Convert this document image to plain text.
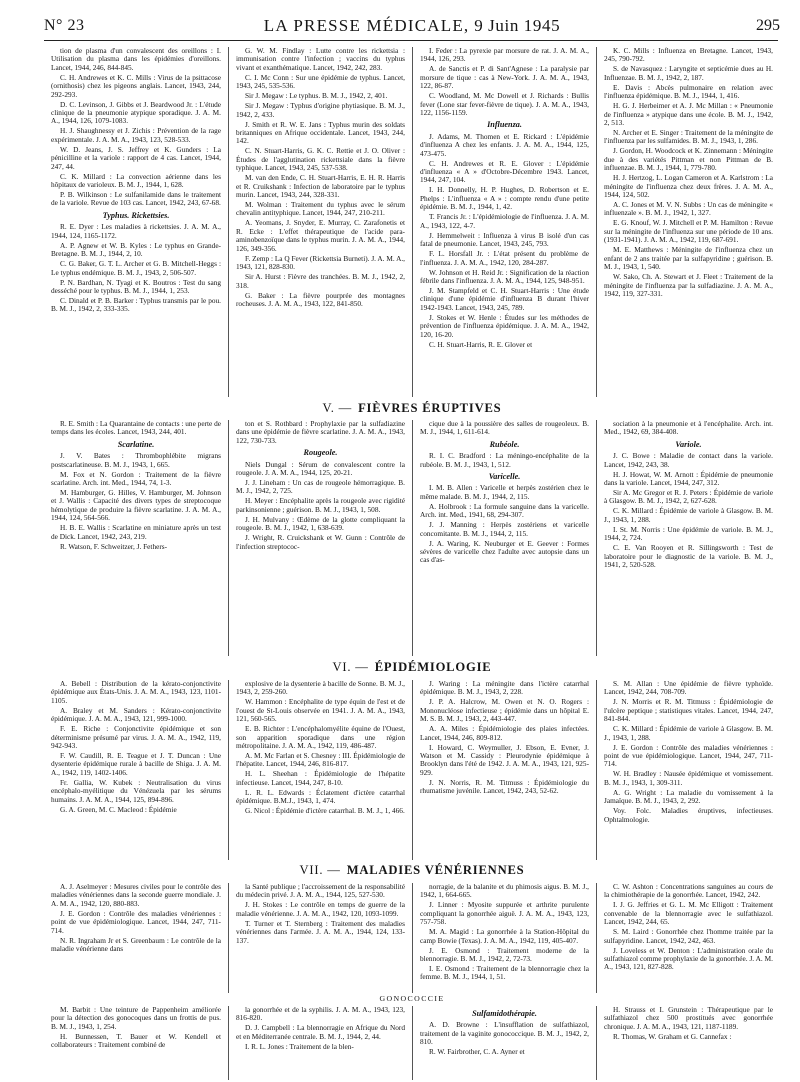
N° 23	LA PRESSE MÉDICALE, 9 Juin 1945	295
tion de plasma d'un convalescent des oreillons : I. Utilisation du plasma dans les épidémies d'oreillons. Lancet, 1944, 246, 844-845.
C. H. Andrewes et K. C. Mills : Virus de la psittacose (ornithosis) chez les pigeons anglais. Lancet, 1943, 244, 292-293.
D. C. Levinson, J. Gibbs et J. Beardwood Jr. : L'étude clinique de la pneumonie atypique sporadique. J. A. M. A., 1944, 126, 1079-1083.
H. J. Shaughnessy et J. Zichis : Prévention de la rage expérimentale. J. A. M. A., 1943, 123, 528-533.
W. D. Jeans, J. S. Jeffrey et K. Gunders : La pénicilline et la variole : rapport de 4 cas. Lancet, 1944, 247, 44.
C. K. Millard : La convection aérienne dans les hôpitaux de varioleux. B. M. J., 1944, 1, 628.
P. B. Wilkinson : Le sulfanilamide dans le traitement de la variole. Revue de 103 cas. Lancet, 1942, 243, 67-68.
Typhus. Rickettsies.
R. E. Dyer : Les maladies à rickettsies. J. A. M. A., 1944, 124, 1165-1172.
A. P. Agnew et W. B. Kyles : Le typhus en Grande-Bretagne. B. M. J., 1944, 2, 10.
C. G. Baker, G. T. L. Archer et G. B. Mitchell-Heggs : Le typhus endémique. B. M. J., 1943, 2, 506-507.
P. N. Bardhan, N. Tyagi et K. Boutros : Test du sang desséché pour le typhus. B. M. J., 1944, 1, 253.
C. Dinald et P. B. Barker : Typhus transmis par le pou. B. M. J., 1942, 2, 333-335.
G. W. M. Findlay : Lutte contre les rickettsia : immunisation contre l'infection ; vaccins du typhus vivant et exanthématique. Lancet, 1942, 242, 283.
C. I. Mc Conn : Sur une épidémie de typhus. Lancet, 1943, 245, 535-536.
Sir J. Megaw : Le typhus. B. M. J., 1942, 2, 401.
Sir J. Megaw : Typhus d'origine phytiasique. B. M. J., 1942, 2, 433.
J. Smith et R. W. E. Jans : Typhus murin des soldats britanniques en Afrique occidentale. Lancet, 1943, 244, 142.
C. N. Stuart-Harris, G. K. C. Rettie et J. O. Oliver : Études de l'agglutination rickettsiale dans la fièvre typhique. Lancet, 1943, 245, 537-538.
M. van den Ende, C. H. Stuart-Harris, E. H. R. Harris et R. Cruikshank : Infection de laboratoire par le typhus murin. Lancet, 1943, 244, 328-331.
M. Wolman : Traitement du typhus avec le sérum chevalin antityphique. Lancet, 1944, 247, 210-211.
A. Yeomans, J. Snyder, E. Murray, C. Zarafonetis et R. Ecke : L'effet thérapeutique de l'acide para-aminobenzoïque dans le typhus murin. J. A. M. A., 1944, 126, 349-356.
F. Zemp : La Q Fever (Rickettsia Burneti). J. A. M. A., 1943, 121, 828-830.
Sir A. Hurst : Fièvre des tranchées. B. M. J., 1942, 2, 318.
G. Baker : La fièvre pourprée des montagnes rocheuses. J. A. M. A., 1943, 122, 841-850.
I. Feder : La pyrexie par morsure de rat. J. A. M. A., 1944, 126, 293.
A. de Sanctis et P. di Sant'Agnese : La paralysie par morsure de tique : cas à New-York. J. A. M. A., 1943, 122, 86-87.
C. Woodland, M. Mc Dowell et J. Richards : Bullis fever (Lone star fever-fièvre de tique). J. A. M. A., 1943, 122, 1156-1159.
Influenza.
J. Adams, M. Thomen et E. Rickard : L'épidémie d'influenza A chez les enfants. J. A. M. A., 1944, 125, 473-475.
C. H. Andrewes et R. E. Glover : L'épidémie d'influenza « A » d'Octobre-Décembre 1943. Lancet, 1944, 247, 104.
I. H. Donnelly, H. P. Hughes, D. Robertson et E. Phelps : L'influenza « A » : compte rendu d'une petite épidémie. B. M. J., 1944, 1, 42.
T. Francis Jr. : L'épidémiologie de l'influenza. J. A. M. A., 1943, 122, 4-7.
J. Hemmelweit : Influenza à virus B isolé d'un cas fatal de pneumonie. Lancet, 1943, 245, 793.
F. L. Horsfall Jr. : L'état présent du problème de l'influenza. J. A. M. A., 1942, 120, 284-287.
W. Johnson et H. Reid Jr. : Signification de la réaction fébrile dans l'influenza. J. A. M. A., 1944, 125, 948-951.
J. M. Stampfeld et C. H. Stuart-Harris : Une étude clinique d'une épidémie d'influenza B durant l'hiver 1942-1943. Lancet, 1943, 245, 789.
J. Stokes et W. Henle : Études sur les méthodes de prévention de l'influenza épidémique. J. A. M. A., 1942, 120, 16-20.
C. H. Stuart-Harris, R. E. Glover et
K. C. Mills : Influenza en Bretagne. Lancet, 1943, 245, 790-792.
S. de Navasquez : Laryngite et septicémie dues au H. Influenzae. B. M. J., 1942, 2, 187.
E. Davis : Abcès pulmonaire en relation avec l'influenza épidémique. B. M. J., 1944, 1, 416.
H. G. J. Herbeimer et A. J. Mc Millan : « Pneumonie de l'influenza » atypique dans une école. B. M. J., 1942, 2, 513.
N. Archer et E. Singer : Traitement de la méningite de l'influenza par les sulfamides. B. M. J., 1943, 1, 286.
J. Gordon, H. Woodcock et K. Zinnemann : Méningite due à des variétés Pittman et non Pittman de B. influenzae. B. M. J., 1944, 1, 779-780.
H. J. Hertzog, L. Logan Cameron et A. Karlstrom : La méningite de l'influenza chez deux frères. J. A. M. A., 1944, 124, 502.
A. C. Jones et M. V. N. Subbs : Un cas de méningite « influenzale ». B. M. J., 1942, 1, 327.
E. G. Knouf, W. J. Mitchell et P. M. Hamilton : Revue sur la méningite de l'influenza sur une période de 10 ans. (1931-1941). J. A. M. A., 1942, 119, 687-691.
M. E. Matthews : Méningite de l'influenza chez un enfant de 2 ans traitée par la sulfapyridine ; guérison. B. M. J., 1943, 1, 540.
W. Sako, Ch. A. Stewart et J. Fleet : Traitement de la méningite de l'influenza par la sulfadiazine. J. A. M. A., 1942, 119, 327-331.
V. — FIÈVRES ÉRUPTIVES
R. E. Smith : La Quarantaine de contacts : une perte de temps dans les écoles. Lancet, 1943, 244, 401.
Scarlatine.
J. V. Bates : Thrombophlébite migrans postscarlatineuse. B. M. J., 1943, 1, 665.
M. Fox et N. Gordon : Traitement de la fièvre scarlatine. Arch. int. Med., 1944, 74, 1-3.
M. Hamburger, G. Hilles, V. Hamburger, M. Johnson et J. Wallis : Capacité des divers types de streptocoque hémolytique de produire la fièvre scarlatine. J. A. M. A., 1944, 124, 564-566.
H. B. E. Wallis : Scarlatine en miniature après un test de Dick. Lancet, 1942, 243, 219.
R. Watson, F. Schweitzer, J. Fethers-
ton et S. Rothbard : Prophylaxie par la sulfadiazine dans une épidémie de fièvre scarlatine. J. A. M. A., 1943, 122, 730-733.
Rougeole.
Niels Dungal : Sérum de convalescent contre la rougeole. J. A. M. A., 1944, 125, 20-21.
J. J. Lineham : Un cas de rougeole hémorragique. B. M. J., 1942, 2, 725.
H. Meyer : Encéphalite après la rougeole avec rigidité parkinsonienne ; guérison. B. M. J., 1943, 1, 508.
J. H. Mulvany : Œdème de la glotte compliquant la rougeole. B. M. J., 1942, 1, 638-639.
J. Wright, R. Cruickshank et W. Gunn : Contrôle de l'infection streptococ-
cique due à la poussière des salles de rougeoleux. B. M. J., 1944, 1, 611-614.
Rubéole.
R. I. C. Bradford : La méningo-encéphalite de la rubéole. B. M. J., 1943, 1, 512.
Varicelle.
I. M. B. Allen : Varicelle et herpès zostérien chez le même malade. B. M. J., 1944, 2, 115.
A. Holbrook : La formule sanguine dans la varicelle. Arch. int. Med., 1941, 68, 294-307.
J. J. Manning : Herpès zostériens et varicelle concomitante. B. M. J., 1944, 2, 115.
J. A. Waring, K. Neuburger et E. Geever : Formes sévères de varicelle chez l'adulte avec autopsie dans un cas d'as-
sociation à la pneumonie et à l'encéphalite. Arch. int. Med., 1942, 69, 384-408.
Variole.
J. C. Bowe : Maladie de contact dans la variole. Lancet, 1942, 243, 38.
H. J. Howat, W. M. Arnott : Épidémie de pneumonie dans la variole. Lancet, 1944, 247, 312.
Sir A. Mc Gregor et R. J. Peters : Épidémie de variole à Glasgow. B. M. J., 1942, 2, 627-628.
C. K. Millard : Épidémie de variole à Glasgow. B. M. J., 1943, 1, 288.
I. St. M. Norris : Une épidémie de variole. B. M. J., 1944, 2, 724.
C. E. Van Rooyen et R. Sillingsworth : Test de laboratoire pour le diagnostic de la variole. B. M. J., 1941, 2, 520-528.
VI. — ÉPIDÉMIOLOGIE
A. Bebell : Distribution de la kérato-conjonctivite épidémique aux États-Unis. J. A. M. A., 1943, 123, 1101-1105.
A. Braley et M. Sanders : Kérato-conjonctivite épidémique. J. A. M. A., 1943, 121, 999-1000.
F. E. Riche : Conjonctivite épidémique et son déterminisme présumé par virus. J. A. M. A., 1942, 119, 942-943.
F. W. Caudill, R. E. Teague et J. T. Duncan : Une dysenterie épidémique rurale à bacille de Shiga. J. A. M. A., 1942, 119, 1402-1406.
Fr. Gallia, W. Kubek : Neutralisation du virus encéphalo-myélitique du Vénézuela par les sérums humains. J. A. M. A., 1944, 125, 894-896.
G. A. Green, M. C. Macleod : Épidémie
explosive de la dysenterie à bacille de Sonne. B. M. J., 1943, 2, 259-260.
W. Hammon : Encéphalite de type équin de l'est et de l'ouest de St-Louis observée en 1941. J. A. M. A., 1943, 121, 560-565.
E. B. Richter : L'encéphalomyélite équine de l'Ouest, son apparition sporadique dans une région métropolitaine. J. A. M. A., 1942, 119, 486-487.
A. M. Mc Farlan et S. Chesney : III. Épidémiologie de l'hépatite. Lancet, 1944, 246, 816-817.
H. L. Sheehan : Épidémiologie de l'hépatite infectieuse. Lancet, 1944, 247, 8-10.
L. R. L. Edwards : Éclatement d'ictère catarrhal épidémique. B.M.J., 1943, 1, 474.
G. Nicol : Épidémie d'ictère catarrhal. B. M. J., 1, 466.
J. Waring : La méningite dans l'ictère catarrhal épidémique. B. M. J., 1943, 2, 228.
J. P. A. Halcrow, M. Owen et N. O. Rogers : Mononucléose infectieuse ; épidémie dans un hôpital E. M. S. B. M. J., 1943, 2, 443-447.
A. A. Miles : Épidémiologie des plaies infectées. Lancet, 1944, 246, 809-812.
I. Howard, C. Weymuller, J. Ebson, E. Evner, J. Watson et M. Cassidy : Pleurodynie épidémique à Brooklyn dans l'été de 1942. J. A. M. A., 1943, 121, 925-929.
J. N. Norris, R. M. Titmuss : Épidémiologie du rhumatisme juvénile. Lancet, 1942, 243, 52-62.
S. M. Allan : Une épidémie de fièvre typhoïde. Lancet, 1942, 244, 708-709.
J. N. Morris et R. M. Titmuss : Épidémiologie de l'ulcère peptique ; statistiques vitales. Lancet, 1944, 247, 841-844.
C. K. Millard : Épidémie de variole à Glasgow. B. M. J., 1943, 1, 288.
J. E. Gordon : Contrôle des maladies vénériennes : point de vue épidémiologique. Lancet, 1944, 247, 711-714.
W. H. Bradley : Nausée épidémique et vomissement. B. M. J., 1943, 1, 309-311.
A. G. Wright : La maladie du vomissement à la Jamaïque. B. M. J., 1943, 2, 292.
Voy. Folc. Maladies éruptives, infectieuses. Ophtalmologie.
VII. — MALADIES VÉNÉRIENNES
A. J. Aselmeyer : Mesures civiles pour le contrôle des maladies vénériennes dans la seconde guerre mondiale. J. A. M. A., 1942, 120, 880-883.
J. E. Gordon : Contrôle des maladies vénériennes : point de vue épidémiologique. Lancet, 1944, 247, 711-714.
N. R. Ingraham Jr et S. Greenbaum : Le contrôle de la maladie vénérienne dans
la Santé publique ; l'accroissement de la responsabilité du médecin privé. J. A. M. A., 1944, 125, 527-530.
J. H. Stokes : Le contrôle en temps de guerre de la maladie vénérienne. J. A. M. A., 1942, 120, 1093-1099.
T. Turner et T. Sternberg : Traitement des maladies vénériennes dans l'armée. J. A. M. A., 1944, 124, 133-137.
norragie, de la balanite et du phimosis aigus. B. M. J., 1942, 1, 664-665.
J. Linner : Myosite suppurée et arthrite purulente compliquant la gonorrhée aiguë. J. A. M. A., 1943, 123, 757-758.
M. A. Magid : La gonorrhée à la Station-Hôpital du camp Bowie (Texas). J. A. M. A., 1942, 119, 405-407.
J. E. Osmond : Traitement moderne de la blennorragie. B. M. J., 1942, 2, 72-73.
I. E. Osmond : Traitement de la blennorragie chez la femme. B. M. J., 1944, 1, 51.
C. W. Ashton : Concentrations sanguines au cours de la chimiothérapie de la gonorrhée. Lancet, 1942, 242.
I. J. G. Jeffries et G. L. M. Mc Elligott : Traitement convenable de la blennorragie avec le sulfathiazol. Lancet, 1942, 244, 65.
S. M. Laird : Gonorrhée chez l'homme traitée par la sulfapyridine. Lancet, 1942, 242, 463.
J. Loveless et W. Denton : L'administration orale du sulfathiazol comme prophylaxie de la gonorrhée. J. A. M. A., 1943, 121, 827-828.
GONOCOCCIE
M. Barbit : Une teinture de Pappenheim améliorée pour la détection des gonocoques dans un frottis de pus. B. M. J., 1943, 1, 254.
H. Bunnessen, T. Bauer et W. Kendell et collaborateurs : Traitement combiné de
la gonorrhée et de la syphilis. J. A. M. A., 1943, 123, 816-820.
D. J. Campbell : La blennorragie en Afrique du Nord et en Méditerranée centrale. B. M. J., 1944, 2, 44.
I. R. L. Jones : Traitement de la blen-
Sulfamidothérapie.
A. D. Browne : L'insufflation de sulfathiazol, traitement de la vaginite gonococcique. B. M. J., 1942, 2, 810.
R. W. Fairbrother, C. A. Ayner et
H. Strauss et I. Grunstein : Thérapeutique par le sulfathiazol chez 500 prostitués avec gonorrhée chronique. J. A. M. A., 1943, 121, 1187-1189.
R. Thomas, W. Graham et G. Cannefax :
